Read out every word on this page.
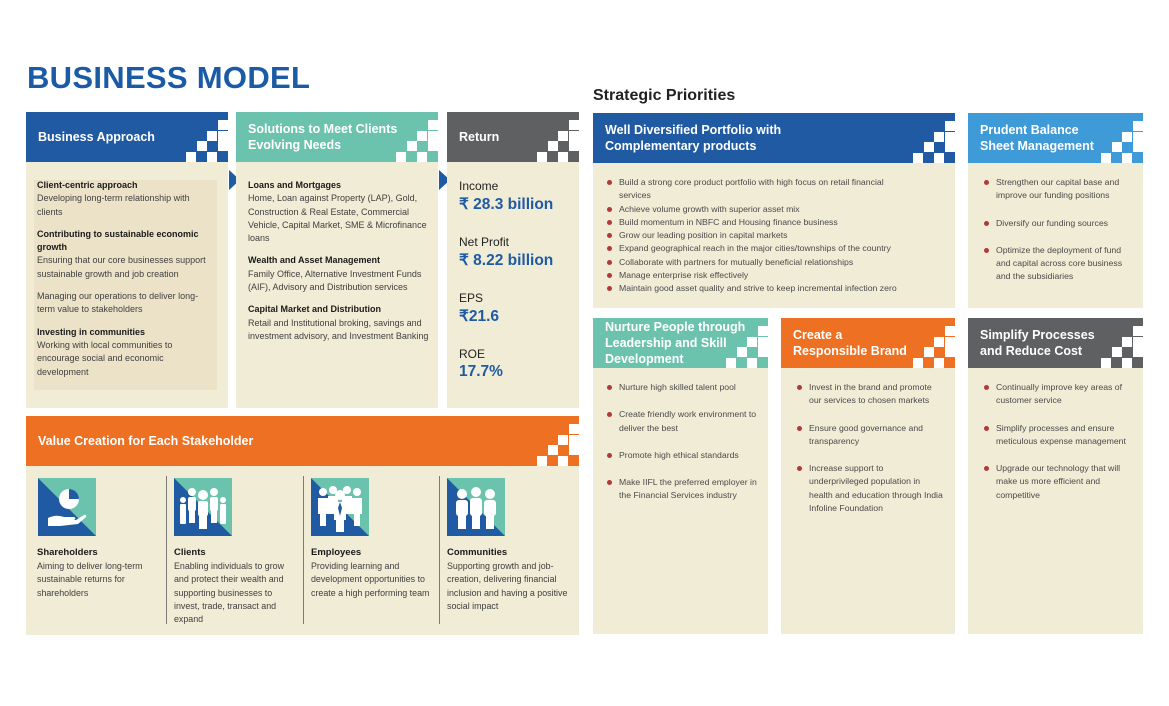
BUSINESS MODEL
Strategic Priorities
Business Approach
Client-centric approach
Developing long-term relationship with clients
Contributing to sustainable economic growth
Ensuring that our core businesses support sustainable growth and job creation
Managing our operations to deliver long-term value to stakeholders
Investing in communities
Working with local communities to encourage social and economic development
Solutions to Meet Clients
Evolving Needs
Loans and Mortgages
Home, Loan against Property (LAP), Gold, Construction & Real Estate, Commercial Vehicle, Capital Market, SME & Microfinance loans
Wealth and Asset Management
Family Office, Alternative Investment Funds (AIF), Advisory and Distribution services
Capital Market and Distribution
Retail and Institutional broking, savings and investment advisory, and Investment Banking
Return
Income
₹ 28.3 billion
Net Profit
₹ 8.22 billion
EPS
₹21.6
ROE
17.7%
Value Creation for Each Stakeholder
Shareholders
Aiming to deliver long-term sustainable returns for shareholders
Clients
Enabling individuals to grow and protect their wealth and supporting businesses to invest, trade, transact and expand
Employees
Providing learning and development opportunities to create a high performing team
Communities
Supporting growth and job-creation, delivering financial inclusion and having a positive social impact
Well Diversified Portfolio with
Complementary products
Build a strong core product portfolio with high focus on retail financial services
Achieve volume growth with superior asset mix
Build momentum in NBFC and Housing finance business
Grow our leading position in capital markets
Expand geographical reach in the major cities/townships of the country
Collaborate with partners for mutually beneficial relationships
Manage enterprise risk effectively
Maintain good asset quality and strive to keep incremental infection zero
Prudent Balance
Sheet Management
Strengthen our capital base and improve our funding positions
Diversify our funding sources
Optimize the deployment of fund and capital across core business and the subsidiaries
Nurture People through
Leadership and Skill
Development
Nurture high skilled talent pool
Create friendly work environment to deliver the best
Promote high ethical standards
Make IIFL the preferred employer in the Financial Services industry
Create a
Responsible Brand
Invest in the brand and promote our services to chosen markets
Ensure good governance and transparency
Increase support to underprivileged population in health and education through India Infoline Foundation
Simplify Processes
and Reduce Cost
Continually improve key areas of customer service
Simplify processes and ensure meticulous expense management
Upgrade our technology that will make us more efficient and competitive
